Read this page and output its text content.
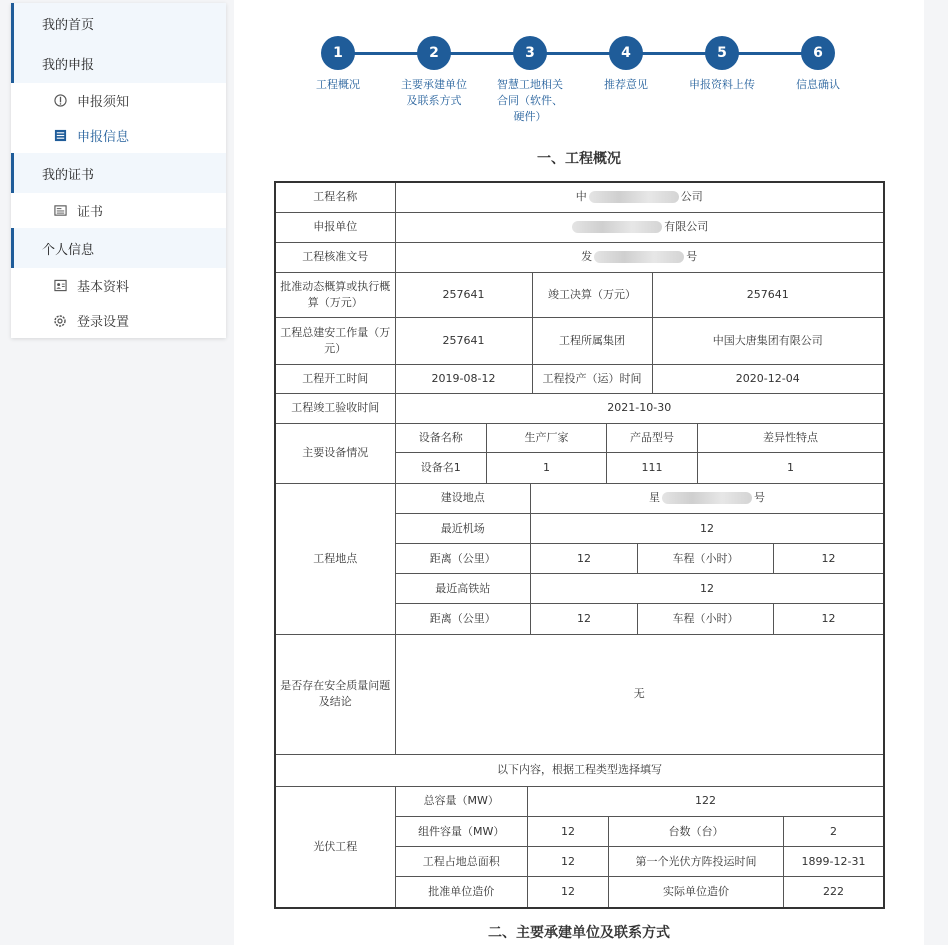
我的首页
我的申报
申报须知
申报信息
我的证书
证书
个人信息
基本资料
登录设置
1
工程概况
2
主要承建单位及联系方式
3
智慧工地相关合同（软件、硬件）
4
推荐意见
5
申报资料上传
6
信息确认
一、工程概况
工程名称	中	公司
申报单位	有限公司
工程核准文号	发	号
批准动态概算或执行概算（万元）	257641	竣工决算（万元）	257641
工程总建安工作量（万元）	257641	工程所属集团	中国大唐集团有限公司
工程开工时间	2019-08-12	工程投产（运）时间	2020-12-04
工程竣工验收时间	2021-10-30
主要设备情况	
设备名称	生产厂家	产品型号	差异性特点
设备名1	1	111	1

工程地点	
建设地点	星	号
最近机场	12
距离（公里）	12	车程（小时）	12
最近高铁站	12
距离（公里）	12	车程（小时）	12

是否存在安全质量问题及结论	无
以下内容，根据工程类型选择填写
光伏工程	
总容量（MW）	122
组件容量（MW）	12	台数（台）	2
工程占地总面积	12	第一个光伏方阵投运时间	1899-12-31
批准单位造价	12	实际单位造价	222
二、主要承建单位及联系方式
